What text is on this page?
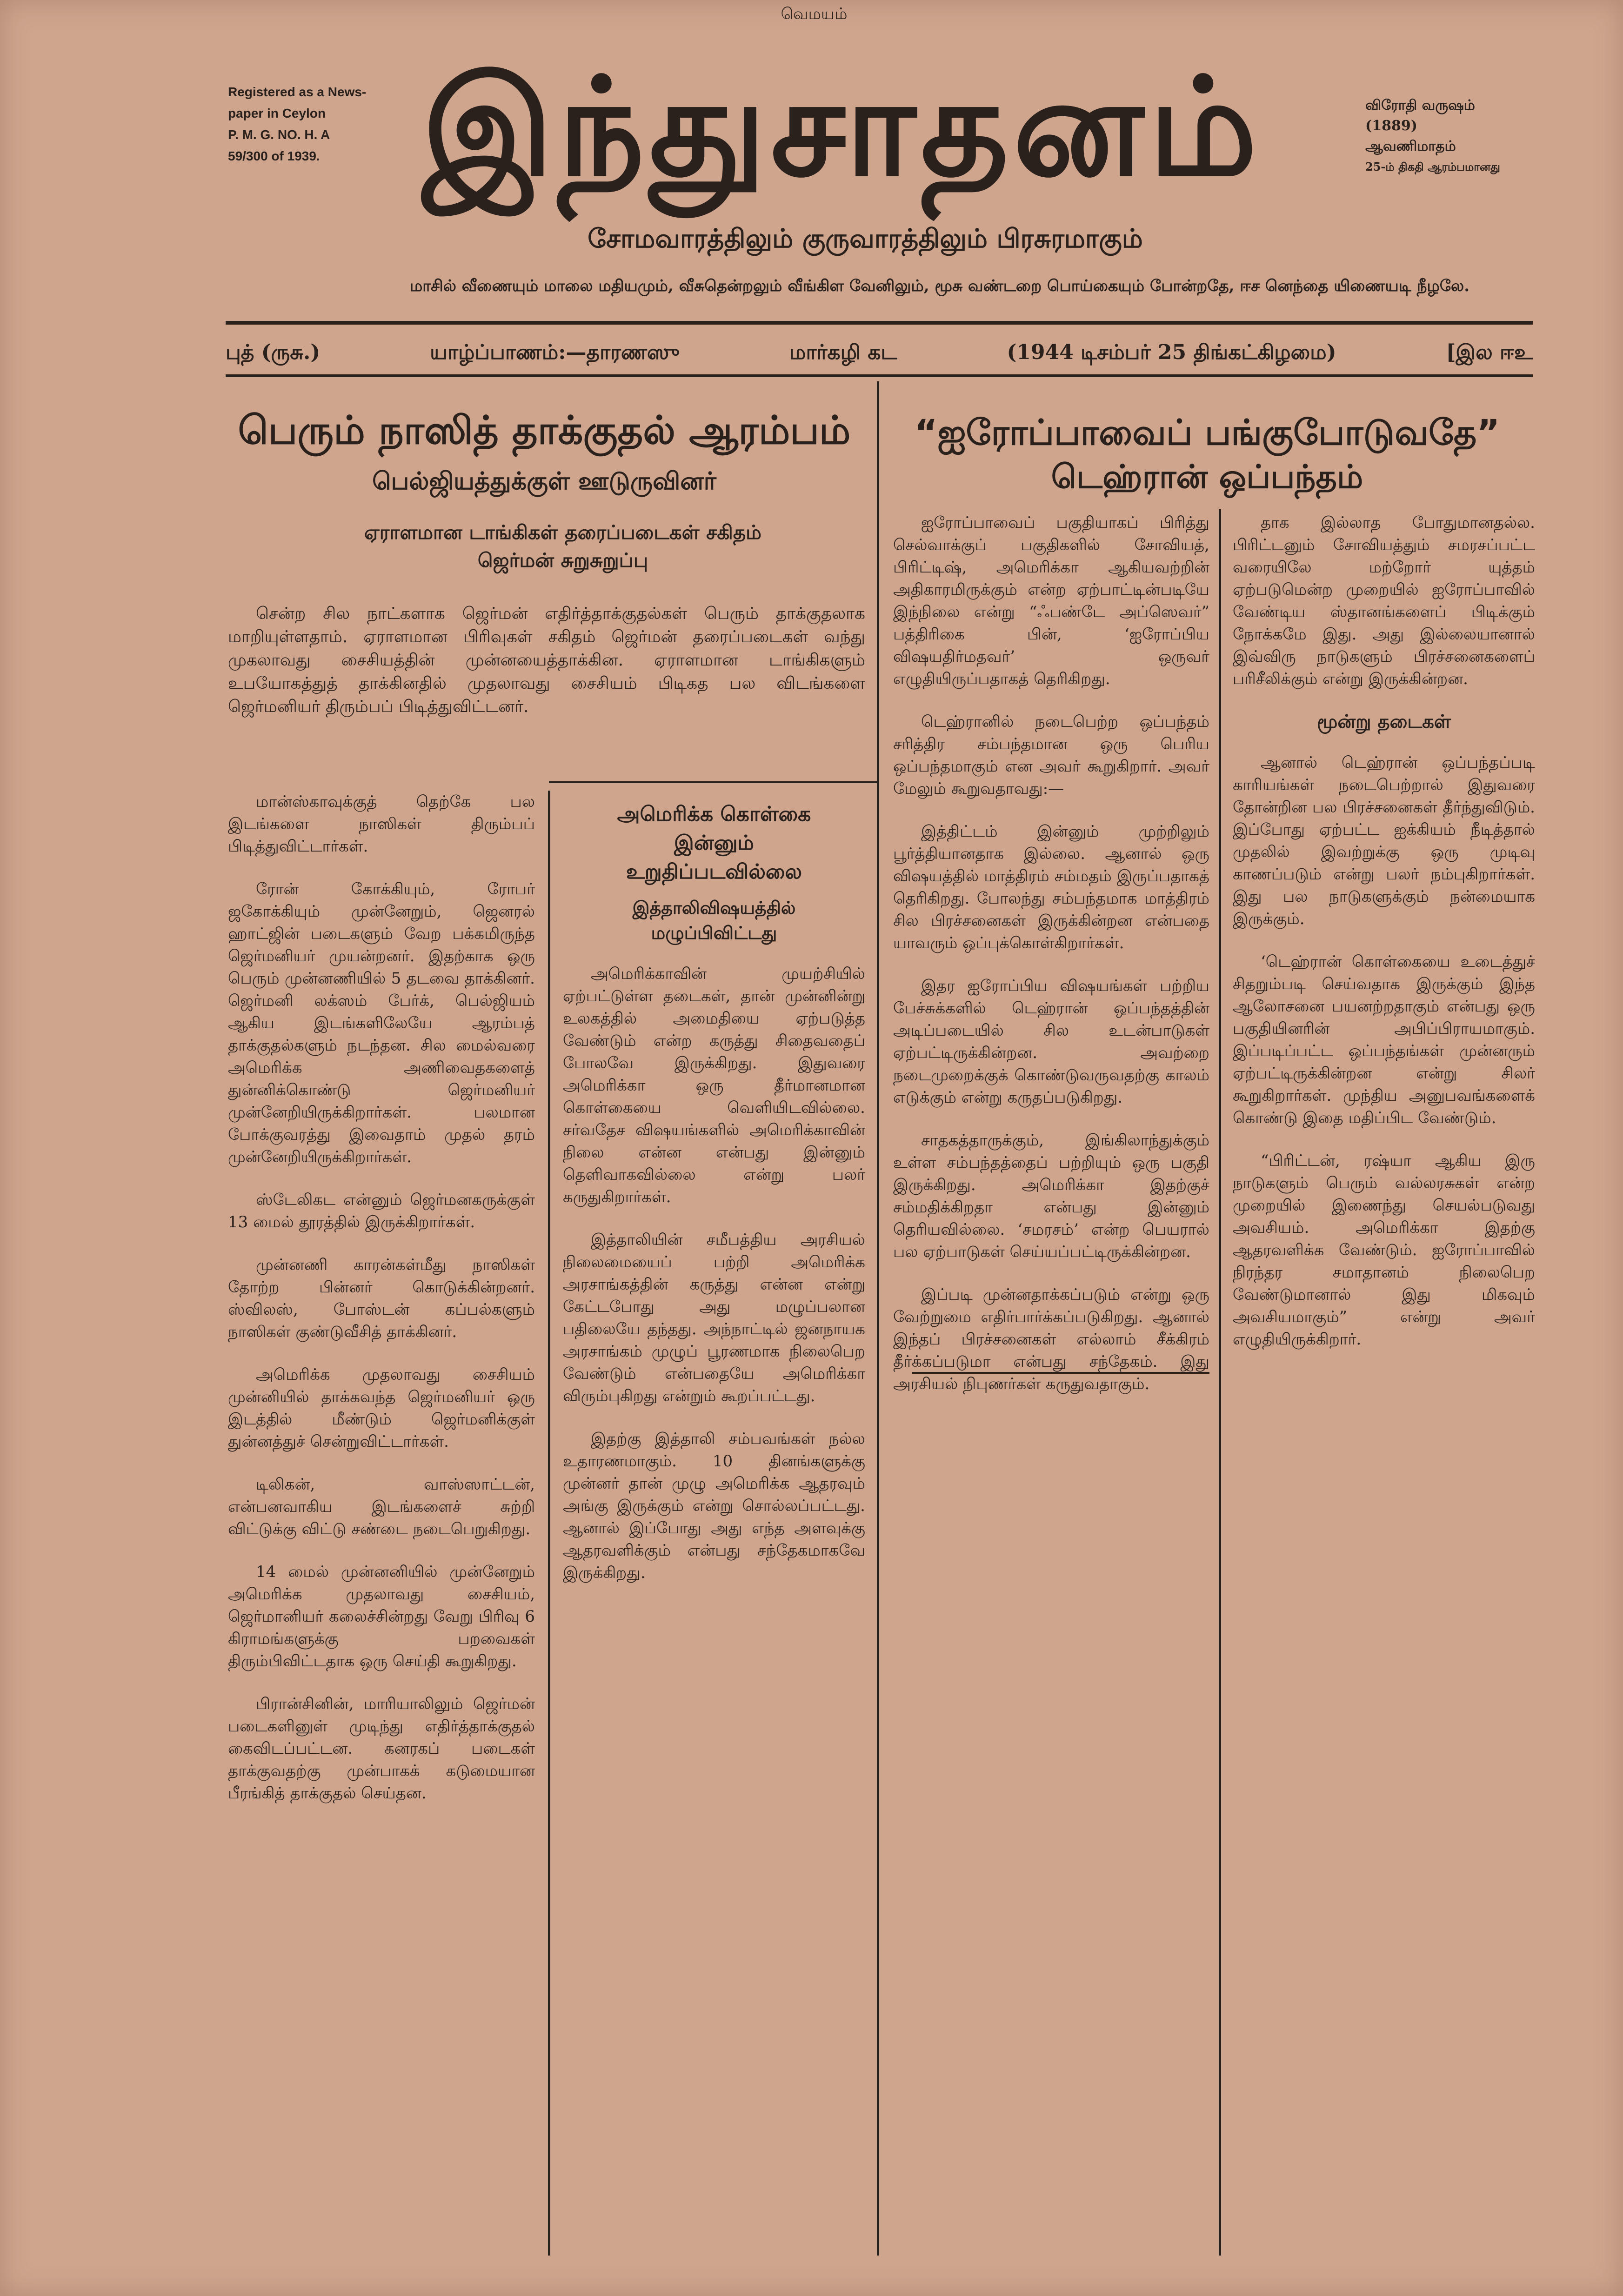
வெமயம்
Registered as a News-
paper in Ceylon
P. M. G. NO. H. A
59/300 of 1939. இந்துசாதனம்	விரோதி வருஷம்
(1889)
ஆவணிமாதம்
25-ம் திகதி ஆரம்பமானது
சோமவாரத்திலும் குருவாரத்திலும் பிரசுரமாகும்
மாசில் வீணையும் மாலை மதியமும், வீசுதென்றலும் வீங்கிள வேனிலும், மூசு வண்டறை பொய்கையும் போன்றதே, ஈச னெந்தை யிணையடி நீழலே.
புத் (ருசு.)	யாழ்ப்பாணம்:—தாரணஸு	மார்கழி கட	(1944 டிசம்பர் 25 திங்கட்கிழமை)	[இல ஈஉ
பெரும் நாஸித் தாக்குதல் ஆரம்பம்
பெல்ஜியத்துக்குள் ஊடுருவினர்
ஏராளமான டாங்கிகள் தரைப்படைகள் சகிதம் ஜெர்மன் சுறுசுறுப்பு

சென்ற சில நாட்களாக ஜெர்மன் எதிர்த்தாக்குதல்கள் பெரும் தாக்குதலாக மாறியுள்ளதாம். ஏராளமான பிரிவுகள் சகிதம் ஜெர்மன் தரைப்படைகள் வந்து முகலாவது சைசியத்தின் முன்னயைத்தாக்கின. ஏராளமான டாங்கிகளும் உபயோகத்துத் தாக்கினதில் முதலாவது சைசியம் பிடிகத பல விடங்களை ஜெர்மனியர் திரும்பப் பிடித்துவிட்டனர்.

மான்ஸ்காவுக்குத் தெற்கே பல இடங்களை நாஸிகள் திரும்பப் பிடித்துவிட்டார்கள்.

ரோன் கோக்கியும், ரோபர் ஜகோக்கியும் முன்னேறும், ஜெனரல் ஹாட்ஜின் படைகளும் வேற பக்கமிருந்த ஜெர்மனியர் முயன்றனர். இதற்காக ஒரு பெரும் முன்னணியில் 5 தடவை தாக்கினர். ஜெர்மனி லக்ஸம் பேர்க், பெல்ஜியம் ஆகிய இடங்களிலேயே ஆரம்பத் தாக்குதல்களும் நடந்தன. சில மைல்வரை அமெரிக்க அணிவைதகளைத் துன்னிக்கொண்டு ஜெர்மனியர் முன்னேறியிருக்கிறார்கள். பலமான போக்குவரத்து இவைதாம் முதல் தரம் முன்னேறியிருக்கிறார்கள்.

ஸ்டேலிகட என்னும் ஜெர்மனகருக்குள் 13 மைல் தூரத்தில் இருக்கிறார்கள்.

முன்னணி காரன்கள்மீது நாஸிகள் தோற்ற பின்னர் கொடுக்கின்றனர். ஸ்விலஸ், போஸ்டன் கப்பல்களும் நாஸிகள் குண்டுவீசித் தாக்கினர்.

அமெரிக்க முதலாவது சைசியம் முன்னியில் தாக்கவந்த ஜெர்மனியர் ஒரு இடத்தில் மீண்டும் ஜெர்மனிக்குள் துன்னத்துச் சென்றுவிட்டார்கள்.

டிலிகன், வாஸ்ஸாட்டன், என்பனவாகிய இடங்களைச் சுற்றி விட்டுக்கு விட்டு சண்டை நடைபெறுகிறது.

14 மைல் முன்னனியில் முன்னேறும் அமெரிக்க முதலாவது சைசியம், ஜெர்மானியர் கலைச்சின்றது வேறு பிரிவு 6 கிராமங்களுக்கு பறவைகள் திரும்பிவிட்டதாக ஒரு செய்தி கூறுகிறது.

பிரான்சினின், மாரியாலிலும் ஜெர்மன் படைகளினுள் முடிந்து எதிர்த்தாக்குதல் கைவிடப்பட்டன. கனரகப் படைகள் தாக்குவதற்கு முன்பாகக் கடுமையான பீரங்கித் தாக்குதல் செய்தன.

அமெரிக்க கொள்கை
இன்னும்
உறுதிப்படவில்லை
இத்தாலிவிஷயத்தில்
மழுப்பிவிட்டது

அமெரிக்காவின் முயற்சியில் ஏற்பட்டுள்ள தடைகள், தான் முன்னின்று உலகத்தில் அமைதியை ஏற்படுத்த வேண்டும் என்ற கருத்து சிதைவதைப் போலவே இருக்கிறது. இதுவரை அமெரிக்கா ஒரு தீர்மானமான கொள்கையை வெளியிடவில்லை. சர்வதேச விஷயங்களில் அமெரிக்காவின் நிலை என்ன என்பது இன்னும் தெளிவாகவில்லை என்று பலர் கருதுகிறார்கள்.

இத்தாலியின் சமீபத்திய அரசியல் நிலைமையைப் பற்றி அமெரிக்க அரசாங்கத்தின் கருத்து என்ன என்று கேட்டபோது அது மழுப்பலான பதிலையே தந்தது. அந்நாட்டில் ஜனநாயக அரசாங்கம் முழுப் பூரணமாக நிலைபெற வேண்டும் என்பதையே அமெரிக்கா விரும்புகிறது என்றும் கூறப்பட்டது.

இதற்கு இத்தாலி சம்பவங்கள் நல்ல உதாரணமாகும். 10 தினங்களுக்கு முன்னர் தான் முழு அமெரிக்க ஆதரவும் அங்கு இருக்கும் என்று சொல்லப்பட்டது. ஆனால் இப்போது அது எந்த அளவுக்கு ஆதரவளிக்கும் என்பது சந்தேகமாகவே இருக்கிறது.

“ஐரோப்பாவைப் பங்குபோடுவதே”
டெஹ்ரான் ஒப்பந்தம்

ஐரோப்பாவைப் பகுதியாகப் பிரித்து செல்வாக்குப் பகுதிகளில் சோவியத், பிரிட்டிஷ், அமெரிக்கா ஆகியவற்றின் அதிகாரமிருக்கும் என்ற ஏற்பாட்டின்படியே இந்நிலை என்று “ஃபண்டே அப்ஸெவர்” பத்திரிகை பின், ‘ஐரோப்பிய விஷயதிர்மதவர்’ ஒருவர் எழுதியிருப்பதாகத் தெரிகிறது.

டெஹ்ரானில் நடைபெற்ற ஒப்பந்தம் சரித்திர சம்பந்தமான ஒரு பெரிய ஒப்பந்தமாகும் என அவர் கூறுகிறார். அவர் மேலும் கூறுவதாவது:—

இத்திட்டம் இன்னும் முற்றிலும் பூர்த்தியானதாக இல்லை. ஆனால் ஒரு விஷயத்தில் மாத்திரம் சம்மதம் இருப்பதாகத் தெரிகிறது. போலந்து சம்பந்தமாக மாத்திரம் சில பிரச்சனைகள் இருக்கின்றன என்பதை யாவரும் ஒப்புக்கொள்கிறார்கள்.

இதர ஐரோப்பிய விஷயங்கள் பற்றிய பேச்சுக்களில் டெஹ்ரான் ஒப்பந்தத்தின் அடிப்படையில் சில உடன்பாடுகள் ஏற்பட்டிருக்கின்றன. அவற்றை நடைமுறைக்குக் கொண்டுவருவதற்கு காலம் எடுக்கும் என்று கருதப்படுகிறது.

சாதகத்தாருக்கும், இங்கிலாந்துக்கும் உள்ள சம்பந்தத்தைப் பற்றியும் ஒரு பகுதி இருக்கிறது. அமெரிக்கா இதற்குச் சம்மதிக்கிறதா என்பது இன்னும் தெரியவில்லை. ‘சமரசம்’ என்ற பெயரால் பல ஏற்பாடுகள் செய்யப்பட்டிருக்கின்றன.

இப்படி முன்னதாக்கப்படும் என்று ஒரு வேற்றுமை எதிர்பார்க்கப்படுகிறது. ஆனால் இந்தப் பிரச்சனைகள் எல்லாம் சீக்கிரம் தீர்க்கப்படுமா என்பது சந்தேகம். இது அரசியல் நிபுணர்கள் கருதுவதாகும்.

தாக இல்லாத போதுமானதல்ல. பிரிட்டனும் சோவியத்தும் சமரசப்பட்ட வரையிலே மற்றோர் யுத்தம் ஏற்படுமென்ற முறையில் ஐரோப்பாவில் வேண்டிய ஸ்தானங்களைப் பிடிக்கும் நோக்கமே இது. அது இல்லையானால் இவ்விரு நாடுகளும் பிரச்சனைகளைப் பரிசீலிக்கும் என்று இருக்கின்றன.

மூன்று தடைகள்

ஆனால் டெஹ்ரான் ஒப்பந்தப்படி காரியங்கள் நடைபெற்றால் இதுவரை தோன்றின பல பிரச்சனைகள் தீர்ந்துவிடும். இப்போது ஏற்பட்ட ஐக்கியம் நீடித்தால் முதலில் இவற்றுக்கு ஒரு முடிவு காணப்படும் என்று பலர் நம்புகிறார்கள். இது பல நாடுகளுக்கும் நன்மையாக இருக்கும்.

‘டெஹ்ரான் கொள்கையை உடைத்துச் சிதறும்படி செய்வதாக இருக்கும் இந்த ஆலோசனை பயனற்றதாகும் என்பது ஒரு பகுதியினரின் அபிப்பிராயமாகும். இப்படிப்பட்ட ஒப்பந்தங்கள் முன்னரும் ஏற்பட்டிருக்கின்றன என்று சிலர் கூறுகிறார்கள். முந்திய அனுபவங்களைக் கொண்டு இதை மதிப்பிட வேண்டும்.

“பிரிட்டன், ரஷ்யா ஆகிய இரு நாடுகளும் பெரும் வல்லரசுகள் என்ற முறையில் இணைந்து செயல்படுவது அவசியம். அமெரிக்கா இதற்கு ஆதரவளிக்க வேண்டும். ஐரோப்பாவில் நிரந்தர சமாதானம் நிலைபெற வேண்டுமானால் இது மிகவும் அவசியமாகும்” என்று அவர் எழுதியிருக்கிறார்.
